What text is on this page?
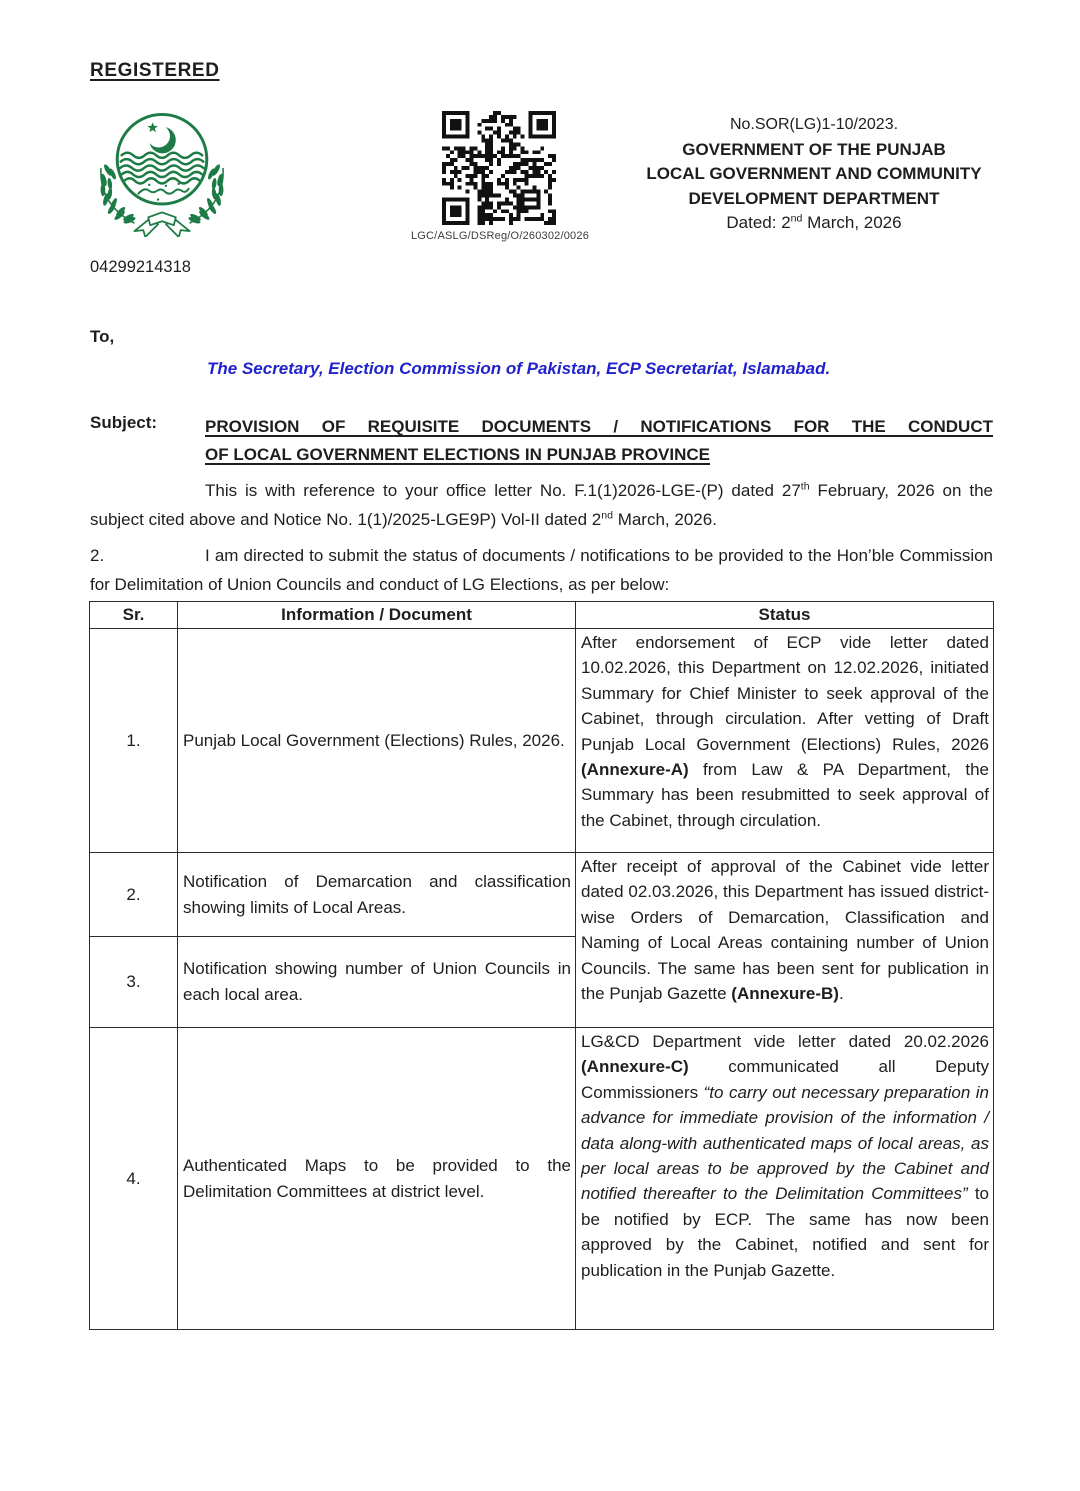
REGISTERED
LGC/ASLG/DSReg/O/260302/0026
No.SOR(LG)1-10/2023.
GOVERNMENT OF THE PUNJAB
LOCAL GOVERNMENT AND COMMUNITY
DEVELOPMENT DEPARTMENT
Dated: 2nd March, 2026
04299214318
To,
The Secretary, Election Commission of Pakistan, ECP Secretariat, Islamabad.
Subject:	PROVISION OF REQUISITE DOCUMENTS / NOTIFICATIONS FOR THE CONDUCT
OF LOCAL GOVERNMENT ELECTIONS IN PUNJAB PROVINCE
This is with reference to your office letter No. F.1(1)2026-LGE-(P) dated 27th February, 2026 on the subject cited above and Notice No. 1(1)/2025-LGE9P) Vol-II dated 2nd March, 2026.
2.	I am directed to submit the status of documents / notifications to be provided to the Hon’ble Commission for Delimitation of Union Councils and conduct of LG Elections, as per below:
Sr.	Information / Document	Status
1.	Punjab Local Government (Elections) Rules, 2026.	After endorsement of ECP vide letter dated 10.02.2026, this Department on 12.02.2026, initiated Summary for Chief Minister to seek approval of the Cabinet, through circulation. After vetting of Draft Punjab Local Government (Elections) Rules, 2026 (Annexure-A) from Law & PA Department, the Summary has been resubmitted to seek approval of the Cabinet, through circulation.
2.	Notification of Demarcation and classification showing limits of Local Areas.	After receipt of approval of the Cabinet vide letter dated 02.03.2026, this Department has issued district-wise Orders of Demarcation, Classification and Naming of Local Areas containing number of Union Councils. The same has been sent for publication in the Punjab Gazette (Annexure-B).
3.	Notification showing number of Union Councils in each local area.	
4.	Authenticated Maps to be provided to the Delimitation Committees at district level.	LG&CD Department vide letter dated 20.02.2026 (Annexure-C) communicated all Deputy Commissioners “to carry out necessary preparation in advance for immediate provision of the information / data along-with authenticated maps of local areas, as per local areas to be approved by the Cabinet and notified thereafter to the Delimitation Committees” to be notified by ECP. The same has now been approved by the Cabinet, notified and sent for publication in the Punjab Gazette.
